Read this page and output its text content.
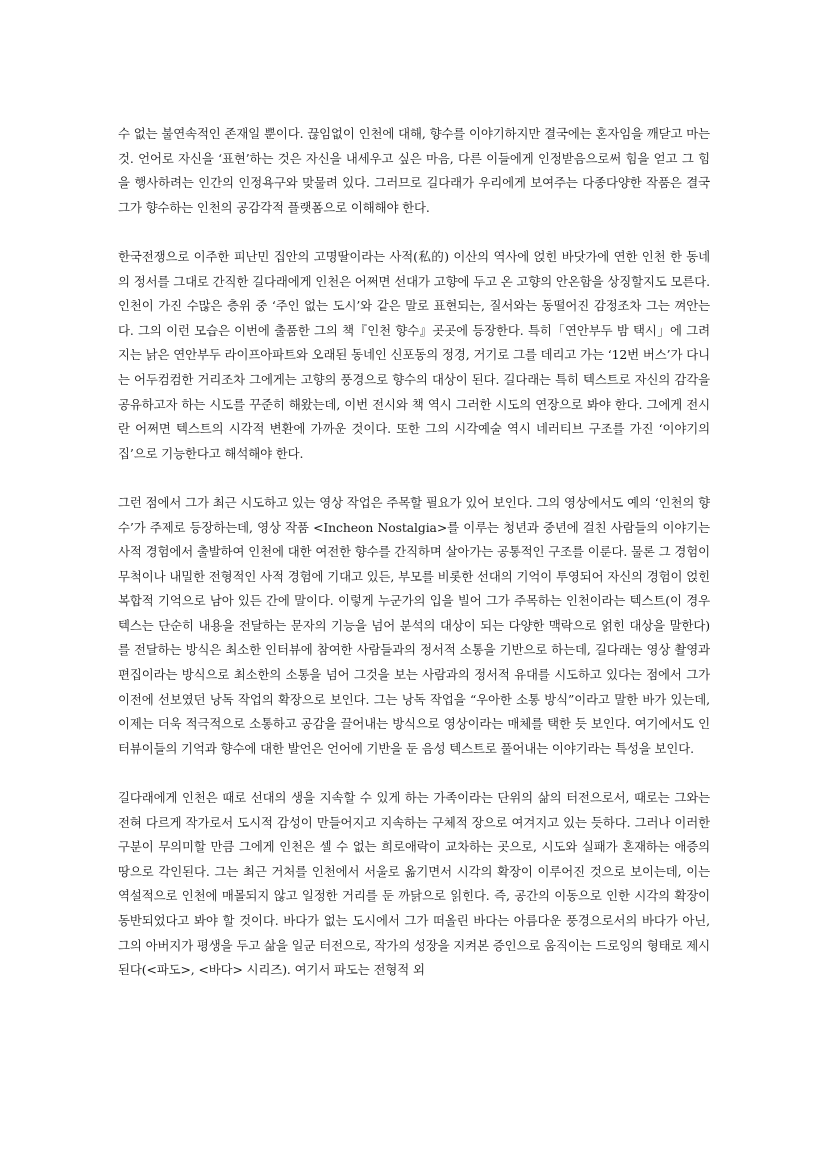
수 없는 불연속적인 존재일 뿐이다. 끊임없이 인천에 대해, 향수를 이야기하지만 결국에는 혼자임을 깨닫고 마는 것. 언어로 자신을 ‘표현’하는 것은 자신을 내세우고 싶은 마음, 다른 이들에게 인정받음으로써 힘을 얻고 그 힘을 행사하려는 인간의 인정욕구와 맞물려 있다. 그러므로 길다래가 우리에게 보여주는 다종다양한 작품은 결국 그가 향수하는 인천의 공감각적 플랫폼으로 이해해야 한다.

한국전쟁으로 이주한 피난민 집안의 고명딸이라는 사적(私的) 이산의 역사에 얹힌 바닷가에 연한 인천 한 동네의 정서를 그대로 간직한 길다래에게 인천은 어쩌면 선대가 고향에 두고 온 고향의 안온함을 상징할지도 모른다. 인천이 가진 수많은 층위 중 ‘주인 없는 도시’와 같은 말로 표현되는, 질서와는 동떨어진 감정조차 그는 껴안는다. 그의 이런 모습은 이번에 출품한 그의 책『인천 향수』곳곳에 등장한다. 특히「연안부두 밤 택시」에 그려지는 낡은 연안부두 라이프아파트와 오래된 동네인 신포동의 정경, 거기로 그를 데리고 가는 ‘12번 버스’가 다니는 어두컴컴한 거리조차 그에게는 고향의 풍경으로 향수의 대상이 된다. 길다래는 특히 텍스트로 자신의 감각을 공유하고자 하는 시도를 꾸준히 해왔는데, 이번 전시와 책 역시 그러한 시도의 연장으로 봐야 한다. 그에게 전시란 어쩌면 텍스트의 시각적 변환에 가까운 것이다. 또한 그의 시각예술 역시 네러티브 구조를 가진 ‘이야기의 집’으로 기능한다고 해석해야 한다.

그런 점에서 그가 최근 시도하고 있는 영상 작업은 주목할 필요가 있어 보인다. 그의 영상에서도 예의 ‘인천의 향수’가 주제로 등장하는데, 영상 작품 <Incheon Nostalgia>를 이루는 청년과 중년에 걸친 사람들의 이야기는 사적 경험에서 출발하여 인천에 대한 여전한 향수를 간직하며 살아가는 공통적인 구조를 이룬다. 물론 그 경험이 무척이나 내밀한 전형적인 사적 경험에 기대고 있든, 부모를 비롯한 선대의 기억이 투영되어 자신의 경험이 얹힌 복합적 기억으로 남아 있든 간에 말이다. 이렇게 누군가의 입을 빌어 그가 주목하는 인천이라는 텍스트(이 경우 텍스는 단순히 내용을 전달하는 문자의 기능을 넘어 분석의 대상이 되는 다양한 맥락으로 얽힌 대상을 말한다)를 전달하는 방식은 최소한 인터뷰에 참여한 사람들과의 정서적 소통을 기반으로 하는데, 길다래는 영상 촬영과 편집이라는 방식으로 최소한의 소통을 넘어 그것을 보는 사람과의 정서적 유대를 시도하고 있다는 점에서 그가 이전에 선보였던 낭독 작업의 확장으로 보인다. 그는 낭독 작업을 “우아한 소통 방식”이라고 말한 바가 있는데, 이제는 더욱 적극적으로 소통하고 공감을 끌어내는 방식으로 영상이라는 매체를 택한 듯 보인다. 여기에서도 인터뷰이들의 기억과 향수에 대한 발언은 언어에 기반을 둔 음성 텍스트로 풀어내는 이야기라는 특성을 보인다.

길다래에게 인천은 때로 선대의 생을 지속할 수 있게 하는 가족이라는 단위의 삶의 터전으로서, 때로는 그와는 전혀 다르게 작가로서 도시적 감성이 만들어지고 지속하는 구체적 장으로 여겨지고 있는 듯하다. 그러나 이러한 구분이 무의미할 만큼 그에게 인천은 셀 수 없는 희로애락이 교차하는 곳으로, 시도와 실패가 혼재하는 애증의 땅으로 각인된다. 그는 최근 거처를 인천에서 서울로 옮기면서 시각의 확장이 이루어진 것으로 보이는데, 이는 역설적으로 인천에 매몰되지 않고 일정한 거리를 둔 까닭으로 읽힌다. 즉, 공간의 이동으로 인한 시각의 확장이 동반되었다고 봐야 할 것이다. 바다가 없는 도시에서 그가 떠올린 바다는 아름다운 풍경으로서의 바다가 아닌, 그의 아버지가 평생을 두고 삶을 일군 터전으로, 작가의 성장을 지켜본 증인으로 움직이는 드로잉의 형태로 제시된다(<파도>, <바다> 시리즈). 여기서 파도는 전형적 외
